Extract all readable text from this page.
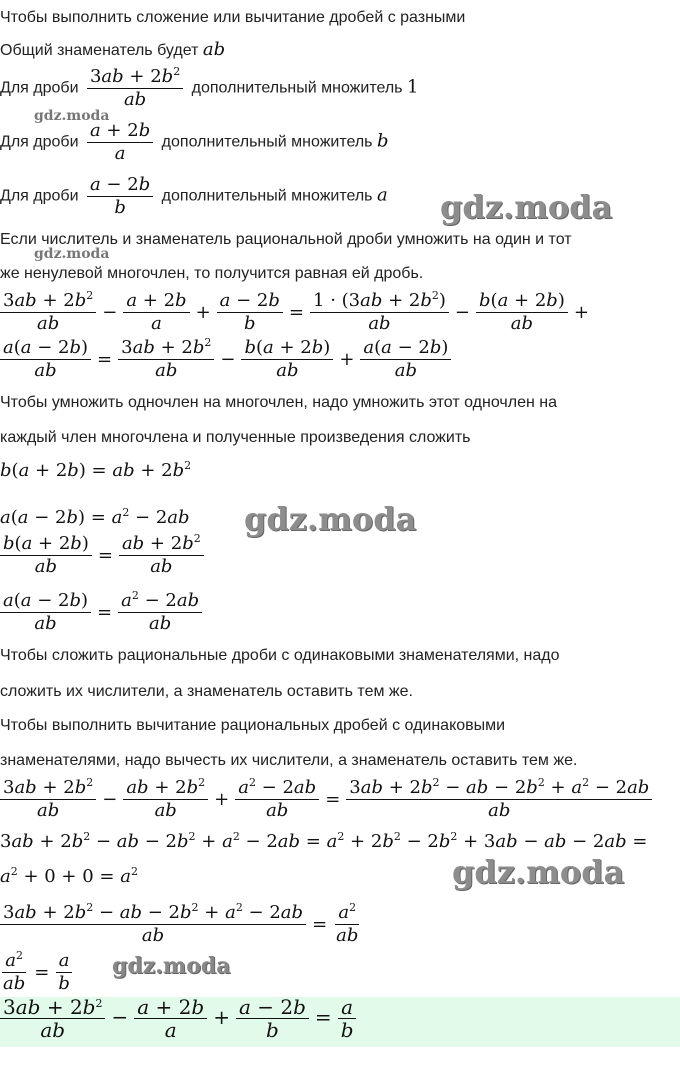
Чтобы выполнить сложение или вычитание дробей с разными
Общий знаменатель будет ab
Для дроби $\frac{3ab + 2b^2}{ab}$ дополнительный множитель 1
Для дроби $\frac{a + 2b}{a}$ дополнительный множитель b
Для дроби $\frac{a - 2b}{b}$ дополнительный множитель a
Если числитель и знаменатель рациональной дроби умножить на один и тот
же ненулевой многочлен, то получится равная ей дробь.
$\frac{3ab + 2b^2}{ab} - \frac{a + 2b}{a} + \frac{a - 2b}{b} = \frac{1 \cdot (3ab + 2b^2)}{ab} - \frac{b(a + 2b)}{ab}$ +
$\frac{a(a - 2b)}{ab} = \frac{3ab + 2b^2}{ab} - \frac{b(a + 2b)}{ab} + \frac{a(a - 2b)}{ab}$
Чтобы умножить одночлен на многочлен, надо умножить этот одночлен на
каждый член многочлена и полученные произведения сложить
b(a + 2b) = ab + $2b^2$
$a(a - 2b) = a^2 - 2ab$
$\frac{b(a + 2b)}{ab} = \frac{ab + 2b^2}{ab}$
$\frac{a(a - 2b)}{ab} = \frac{a^2 - 2ab}{ab}$
Чтобы сложить рациональные дроби с одинаковыми знаменателями, надо
сложить их числители, а знаменатель оставить тем же.
Чтобы выполнить вычитание рациональных дробей с одинаковыми
знаменателями, надо вычесть их числители, а знаменатель оставить тем же.
$\frac{3ab + 2b^2}{ab} - \frac{ab + 2b^2}{ab} + \frac{a^2 - 2ab}{ab} = \frac{3ab + 2b^2 - ab - 2b^2 + a^2 - 2ab}{ab}$
$3ab + 2b^2$ − ab − $2b^2 + a^2 - 2ab = a^2 + 2b^2 - 2b^2 + 3ab$ − ab − 2ab =
$a^2 + 0 + 0 = a^2$
$\frac{3ab + 2b^2 - ab - 2b^2 + a^2 - 2ab}{ab} = \frac{a^2}{ab}$
$\frac{a^2}{ab} = \frac{a}{b}$
$\frac{3ab + 2b^2}{ab} - \frac{a + 2b}{a} + \frac{a - 2b}{b} = \frac{a}{b}$
gdz.moda
gdz.moda
gdz.moda
gdz.moda
gdz.moda
gdz.moda
